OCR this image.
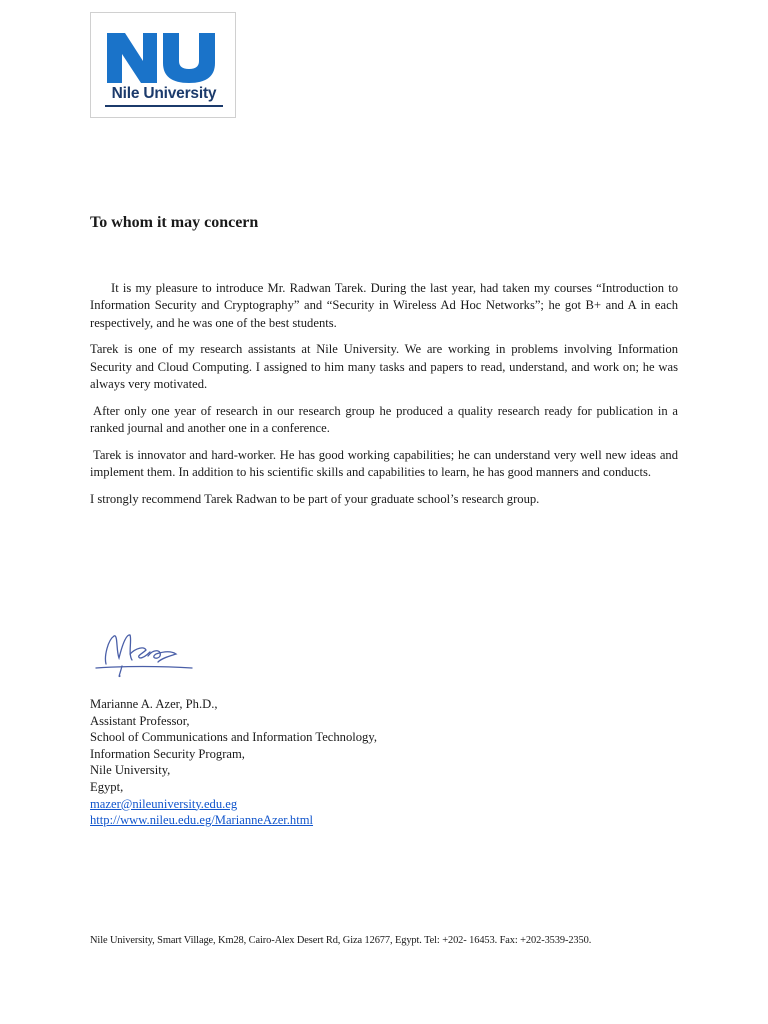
Nile University
To whom it may concern

It is my pleasure to introduce Mr. Radwan Tarek. During the last year, had taken my courses “Introduction to Information Security and Cryptography” and “Security in Wireless Ad Hoc Networks”; he got B+ and A in each respectively, and he was one of the best students.

Tarek is one of my research assistants at Nile University. We are working in problems involving Information Security and Cloud Computing. I assigned to him many tasks and papers to read, understand, and work on; he was always very motivated.

After only one year of research in our research group he produced a quality research ready for publication in a ranked journal and another one in a conference.

Tarek is innovator and hard-worker. He has good working capabilities; he can understand very well new ideas and implement them. In addition to his scientific skills and capabilities to learn, he has good manners and conducts.

I strongly recommend Tarek Radwan to be part of your graduate school’s research group.

Marianne A. Azer, Ph.D.,
Assistant Professor,
School of Communications and Information Technology,
Information Security Program,
Nile University,
Egypt,
mazer@nileuniversity.edu.eg
http://www.nileu.edu.eg/MarianneAzer.html
Nile University, Smart Village, Km28, Cairo-Alex Desert Rd, Giza 12677, Egypt. Tel: +202- 16453. Fax: +202-3539-2350.
